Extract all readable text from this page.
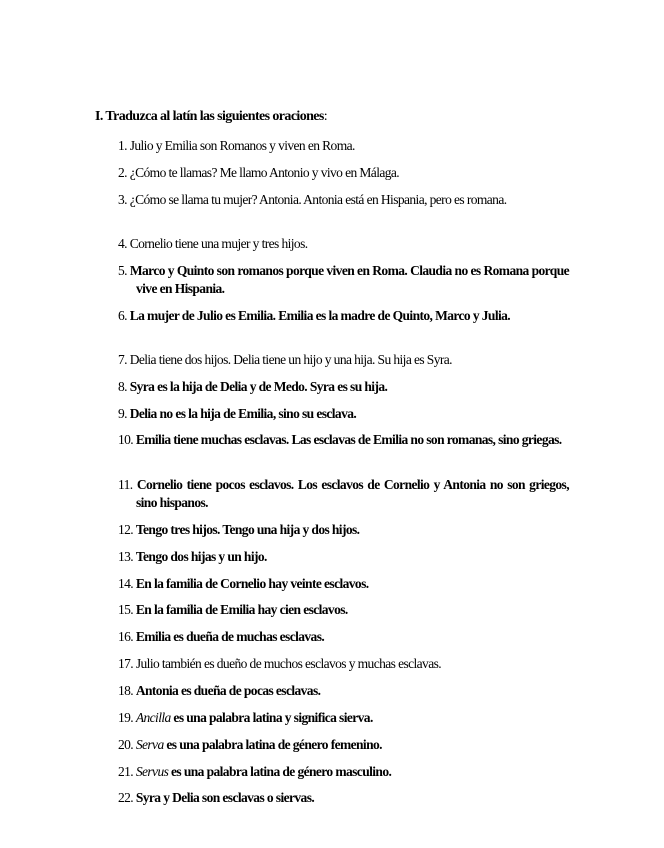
I. Traduzca al latín las siguientes oraciones:
1. Julio y Emilia son Romanos y viven en Roma.
2. ¿Cómo te llamas? Me llamo Antonio y vivo en Málaga.
3. ¿Cómo se llama tu mujer? Antonia. Antonia está en Hispania, pero es romana.
4. Cornelio tiene una mujer y tres hijos.
5. Marco y Quinto son romanos porque viven en Roma. Claudia no es Romana porque vive en Hispania.
6. La mujer de Julio es Emilia. Emilia es la madre de Quinto, Marco y Julia.
7. Delia tiene dos hijos. Delia tiene un hijo y una hija. Su hija es Syra.
8. Syra es la hija de Delia y de Medo. Syra es su hija.
9. Delia no es la hija de Emilia, sino su esclava.
10. Emilia tiene muchas esclavas. Las esclavas de Emilia no son romanas, sino griegas.
11. Cornelio tiene pocos esclavos. Los esclavos de Cornelio y Antonia no son griegos, sino hispanos.
12. Tengo tres hijos. Tengo una hija y dos hijos.
13. Tengo dos hijas y un hijo.
14. En la familia de Cornelio hay veinte esclavos.
15. En la familia de Emilia hay cien esclavos.
16. Emilia es dueña de muchas esclavas.
17. Julio también es dueño de muchos esclavos y muchas esclavas.
18. Antonia es dueña de pocas esclavas.
19. Ancilla es una palabra latina y significa sierva.
20. Serva es una palabra latina de género femenino.
21. Servus es una palabra latina de género masculino.
22. Syra y Delia son esclavas o siervas.
